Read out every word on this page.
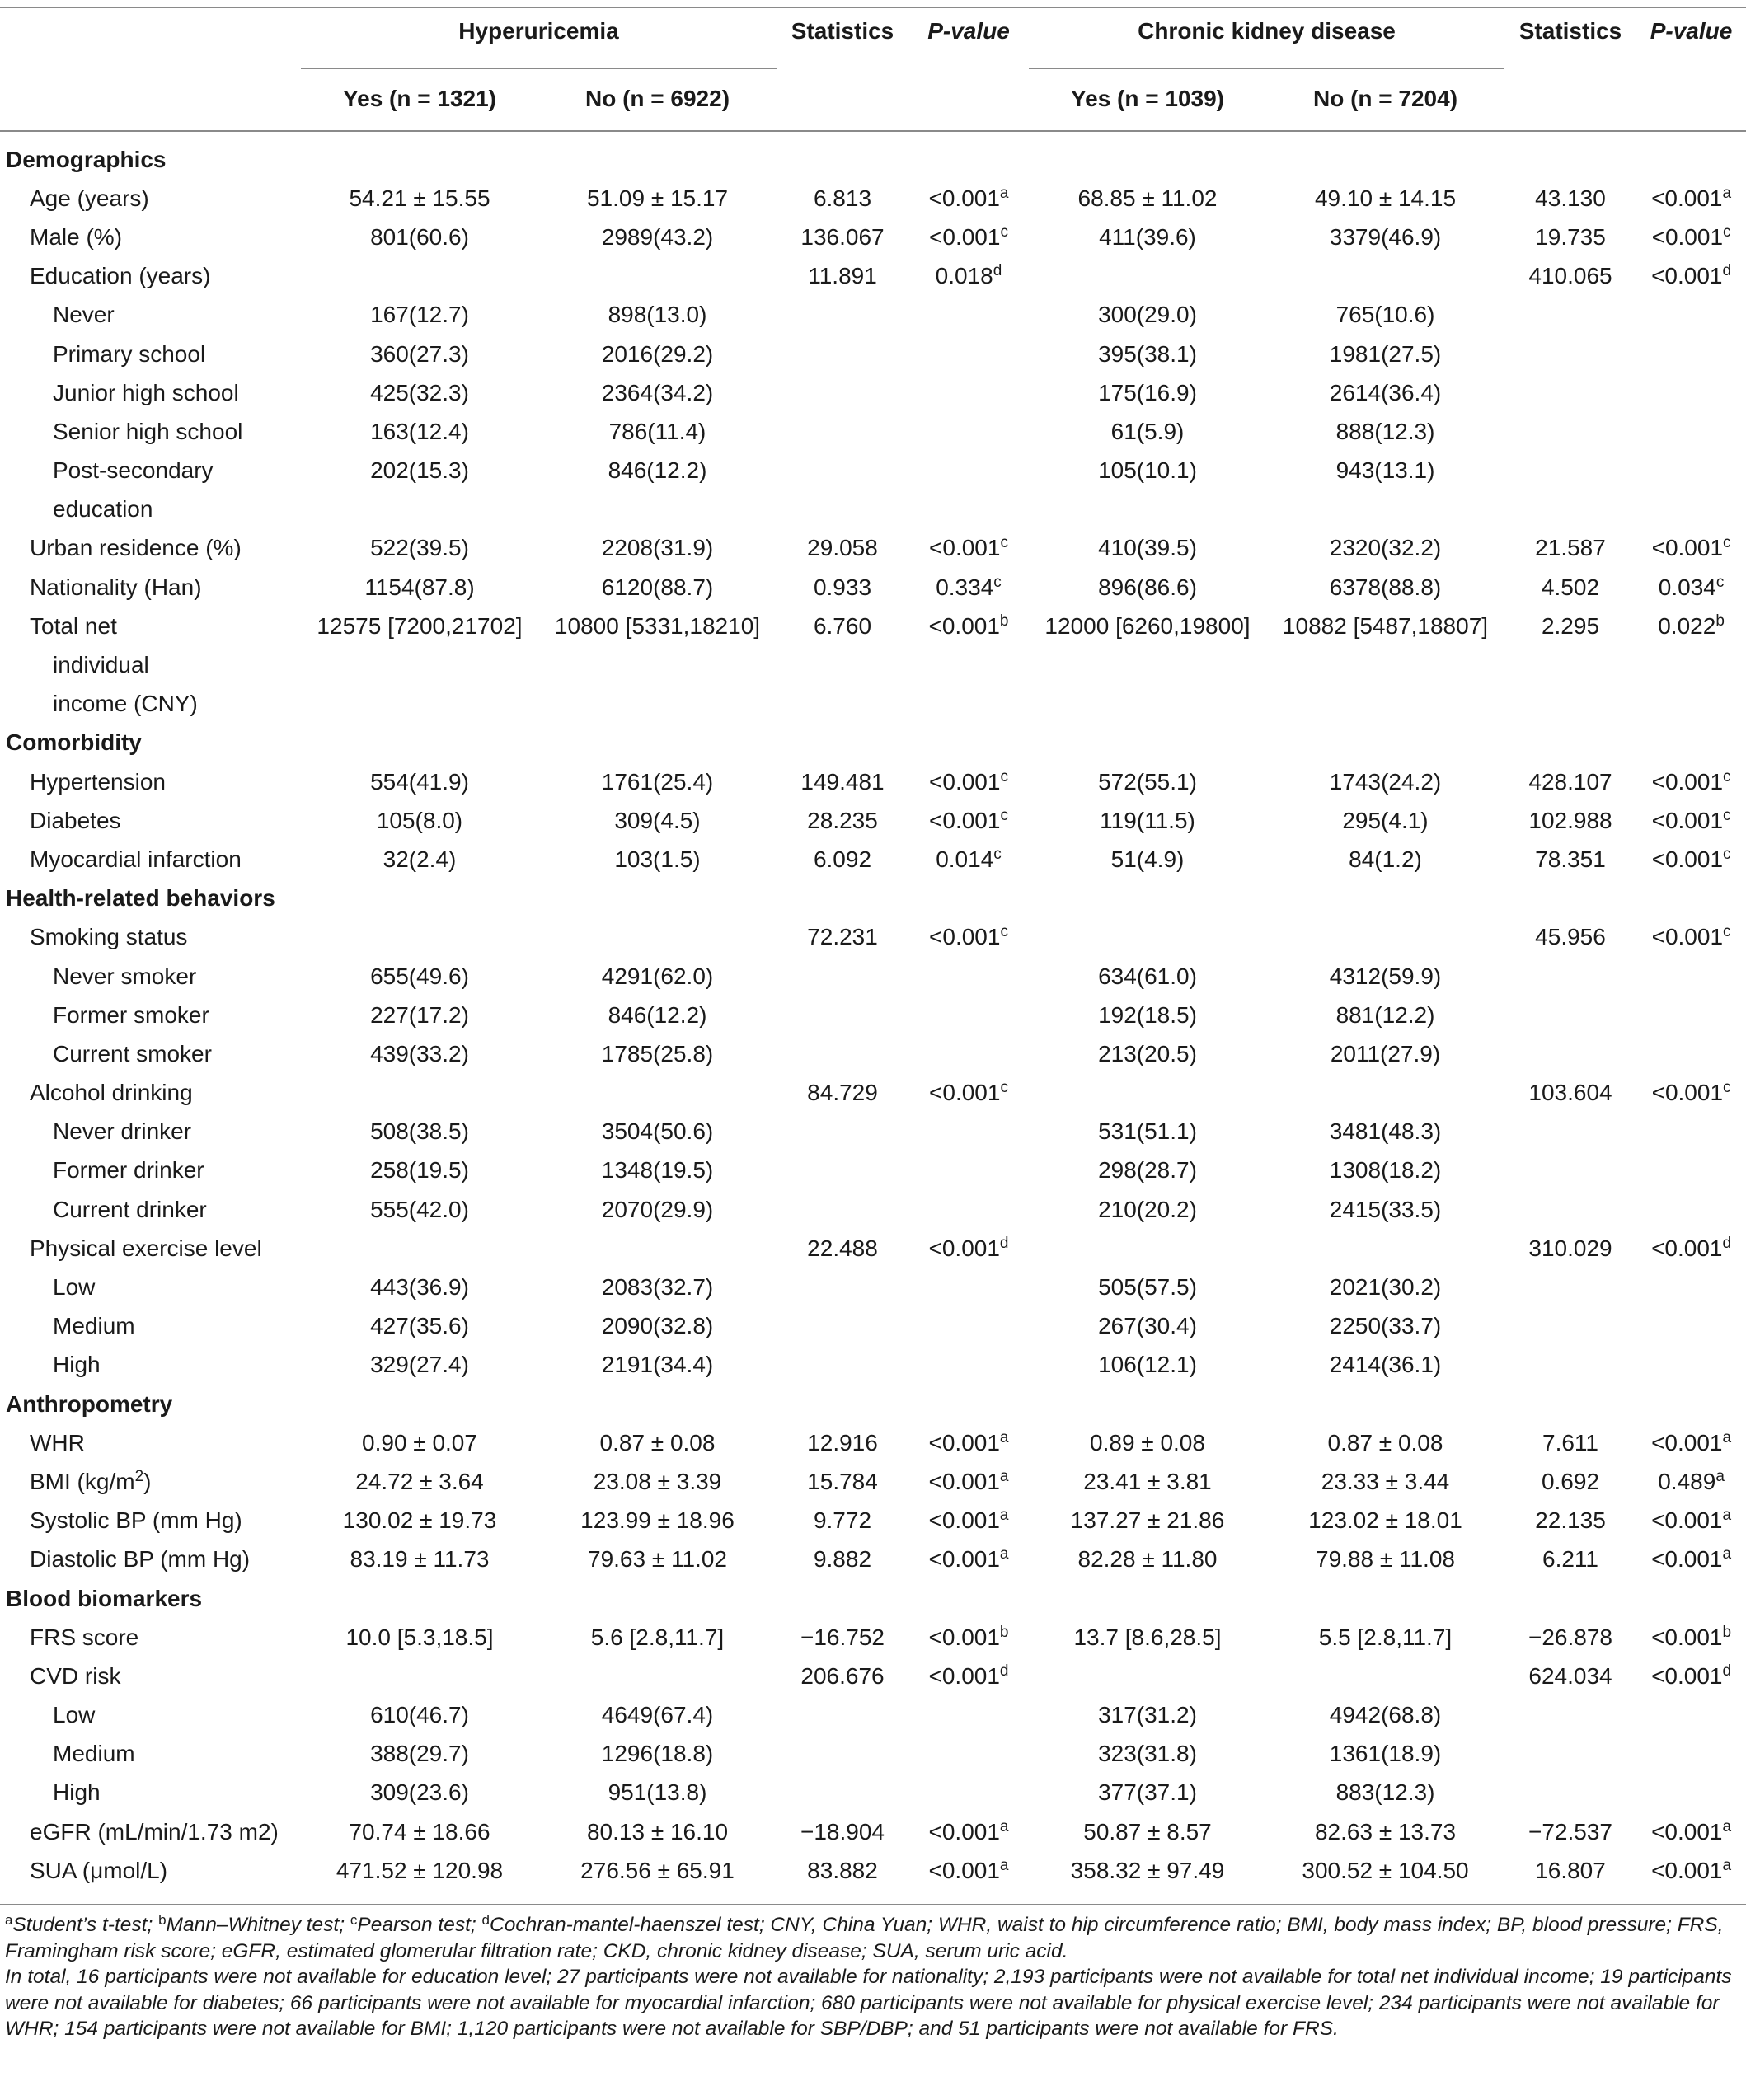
Hyperuricemia	Statistics	P-value	Chronic kidney disease	Statistics	P-value
Yes (n = 1321)	No (n = 6922)	Yes (n = 1039)	No (n = 7204)
Demographics								
Age (years)	54.21 ± 15.55	51.09 ± 15.17	6.813	<0.001$^a$	68.85 ± 11.02	49.10 ± 14.15	43.130	<0.001$^a$
Male (%)	801(60.6)	2989(43.2)	136.067	<0.001$^c$	411(39.6)	3379(46.9)	19.735	<0.001$^c$
Education (years)			11.891	0.018$^d$			410.065	<0.001$^d$
Never	167(12.7)	898(13.0)			300(29.0)	765(10.6)		
Primary school	360(27.3)	2016(29.2)			395(38.1)	1981(27.5)		
Junior high school	425(32.3)	2364(34.2)			175(16.9)	2614(36.4)		
Senior high school	163(12.4)	786(11.4)			61(5.9)	888(12.3)		
Post-secondary	202(15.3)	846(12.2)			105(10.1)	943(13.1)		
education								
Urban residence (%)	522(39.5)	2208(31.9)	29.058	<0.001$^c$	410(39.5)	2320(32.2)	21.587	<0.001$^c$
Nationality (Han)	1154(87.8)	6120(88.7)	0.933	0.334$^c$	896(86.6)	6378(88.8)	4.502	0.034$^c$
Total net	12575 [7200,21702]	10800 [5331,18210]	6.760	<0.001$^b$	12000 [6260,19800]	10882 [5487,18807]	2.295	0.022$^b$
individual								
income (CNY)								
Comorbidity								
Hypertension	554(41.9)	1761(25.4)	149.481	<0.001$^c$	572(55.1)	1743(24.2)	428.107	<0.001$^c$
Diabetes	105(8.0)	309(4.5)	28.235	<0.001$^c$	119(11.5)	295(4.1)	102.988	<0.001$^c$
Myocardial infarction	32(2.4)	103(1.5)	6.092	0.014$^c$	51(4.9)	84(1.2)	78.351	<0.001$^c$
Health-related behaviors								
Smoking status			72.231	<0.001$^c$			45.956	<0.001$^c$
Never smoker	655(49.6)	4291(62.0)			634(61.0)	4312(59.9)		
Former smoker	227(17.2)	846(12.2)			192(18.5)	881(12.2)		
Current smoker	439(33.2)	1785(25.8)			213(20.5)	2011(27.9)		
Alcohol drinking			84.729	<0.001$^c$			103.604	<0.001$^c$
Never drinker	508(38.5)	3504(50.6)			531(51.1)	3481(48.3)		
Former drinker	258(19.5)	1348(19.5)			298(28.7)	1308(18.2)		
Current drinker	555(42.0)	2070(29.9)			210(20.2)	2415(33.5)		
Physical exercise level			22.488	<0.001$^d$			310.029	<0.001$^d$
Low	443(36.9)	2083(32.7)			505(57.5)	2021(30.2)		
Medium	427(35.6)	2090(32.8)			267(30.4)	2250(33.7)		
High	329(27.4)	2191(34.4)			106(12.1)	2414(36.1)		
Anthropometry								
WHR	0.90 ± 0.07	0.87 ± 0.08	12.916	<0.001$^a$	0.89 ± 0.08	0.87 ± 0.08	7.611	<0.001$^a$
BMI $(kg/m^2)$	24.72 ± 3.64	23.08 ± 3.39	15.784	<0.001$^a$	23.41 ± 3.81	23.33 ± 3.44	0.692	0.489$^a$
Systolic BP (mm Hg)	130.02 ± 19.73	123.99 ± 18.96	9.772	<0.001$^a$	137.27 ± 21.86	123.02 ± 18.01	22.135	<0.001$^a$
Diastolic BP (mm Hg)	83.19 ± 11.73	79.63 ± 11.02	9.882	<0.001$^a$	82.28 ± 11.80	79.88 ± 11.08	6.211	<0.001$^a$
Blood biomarkers								
FRS score	10.0 [5.3,18.5]	5.6 [2.8,11.7]	−16.752	<0.001$^b$	13.7 [8.6,28.5]	5.5 [2.8,11.7]	−26.878	<0.001$^b$
CVD risk			206.676	<0.001$^d$			624.034	<0.001$^d$
Low	610(46.7)	4649(67.4)			317(31.2)	4942(68.8)		
Medium	388(29.7)	1296(18.8)			323(31.8)	1361(18.9)		
High	309(23.6)	951(13.8)			377(37.1)	883(12.3)		
eGFR (mL/min/1.73 m2)	70.74 ± 18.66	80.13 ± 16.10	−18.904	<0.001$^a$	50.87 ± 8.57	82.63 ± 13.73	−72.537	<0.001$^a$
SUA (μmol/L)	471.52 ± 120.98	276.56 ± 65.91	83.882	<0.001$^a$	358.32 ± 97.49	300.52 ± 104.50	16.807	<0.001$^a$

$^a$Student’s t-test; $^b$Mann–Whitney test; $^c$Pearson test; $^d$Cochran-mantel-haenszel test; CNY, China Yuan; WHR, waist to hip circumference ratio; BMI, body mass index; BP, blood pressure; FRS, Framingham risk score; eGFR, estimated glomerular filtration rate; CKD, chronic kidney disease; SUA, serum uric acid.

In total, 16 participants were not available for education level; 27 participants were not available for nationality; 2,193 participants were not available for total net individual income; 19 participants were not available for diabetes; 66 participants were not available for myocardial infarction; 680 participants were not available for physical exercise level; 234 participants were not available for WHR; 154 participants were not available for BMI; 1,120 participants were not available for SBP/DBP; and 51 participants were not available for FRS.
